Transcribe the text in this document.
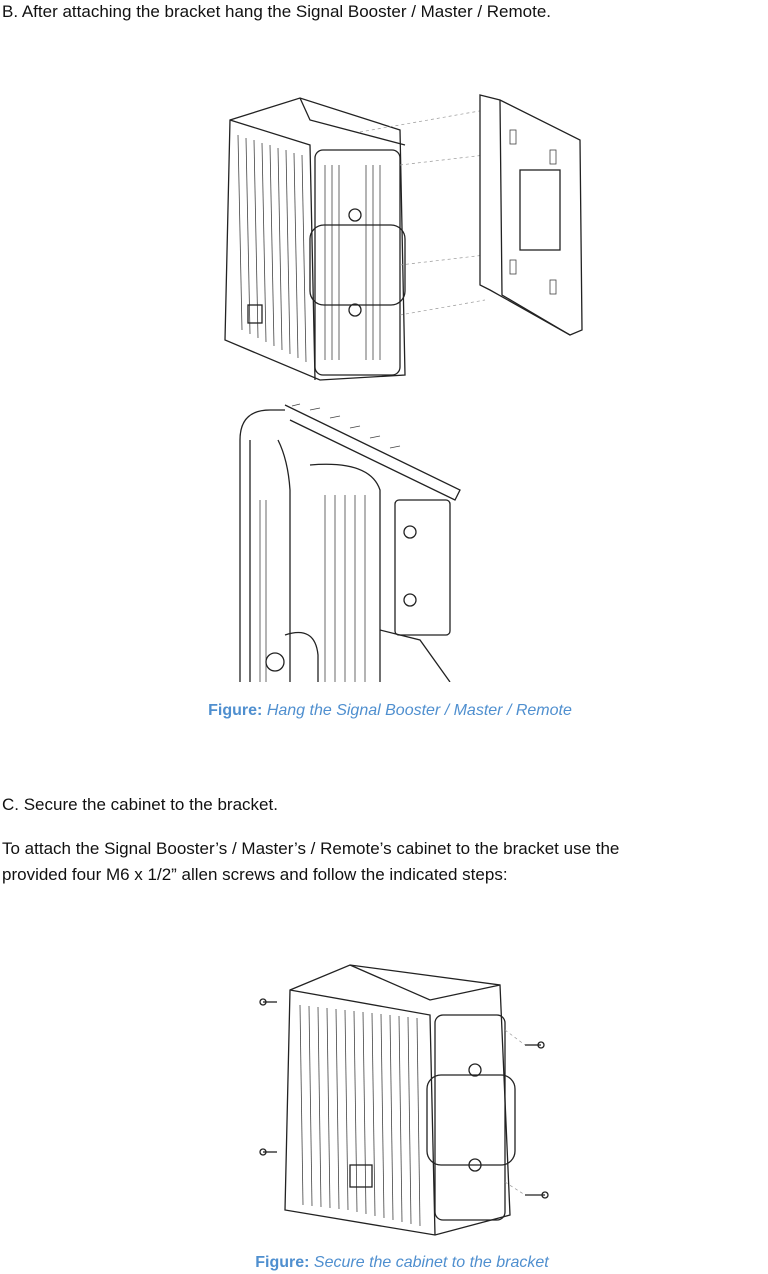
B. After attaching the bracket hang the Signal Booster / Master / Remote.
Figure: Hang the Signal Booster / Master / Remote
C. Secure the cabinet to the bracket.
To attach the Signal Booster’s / Master’s / Remote’s cabinet to the bracket use the
provided four M6 x 1/2” allen screws and follow the indicated steps:
Figure: Secure the cabinet to the bracket
